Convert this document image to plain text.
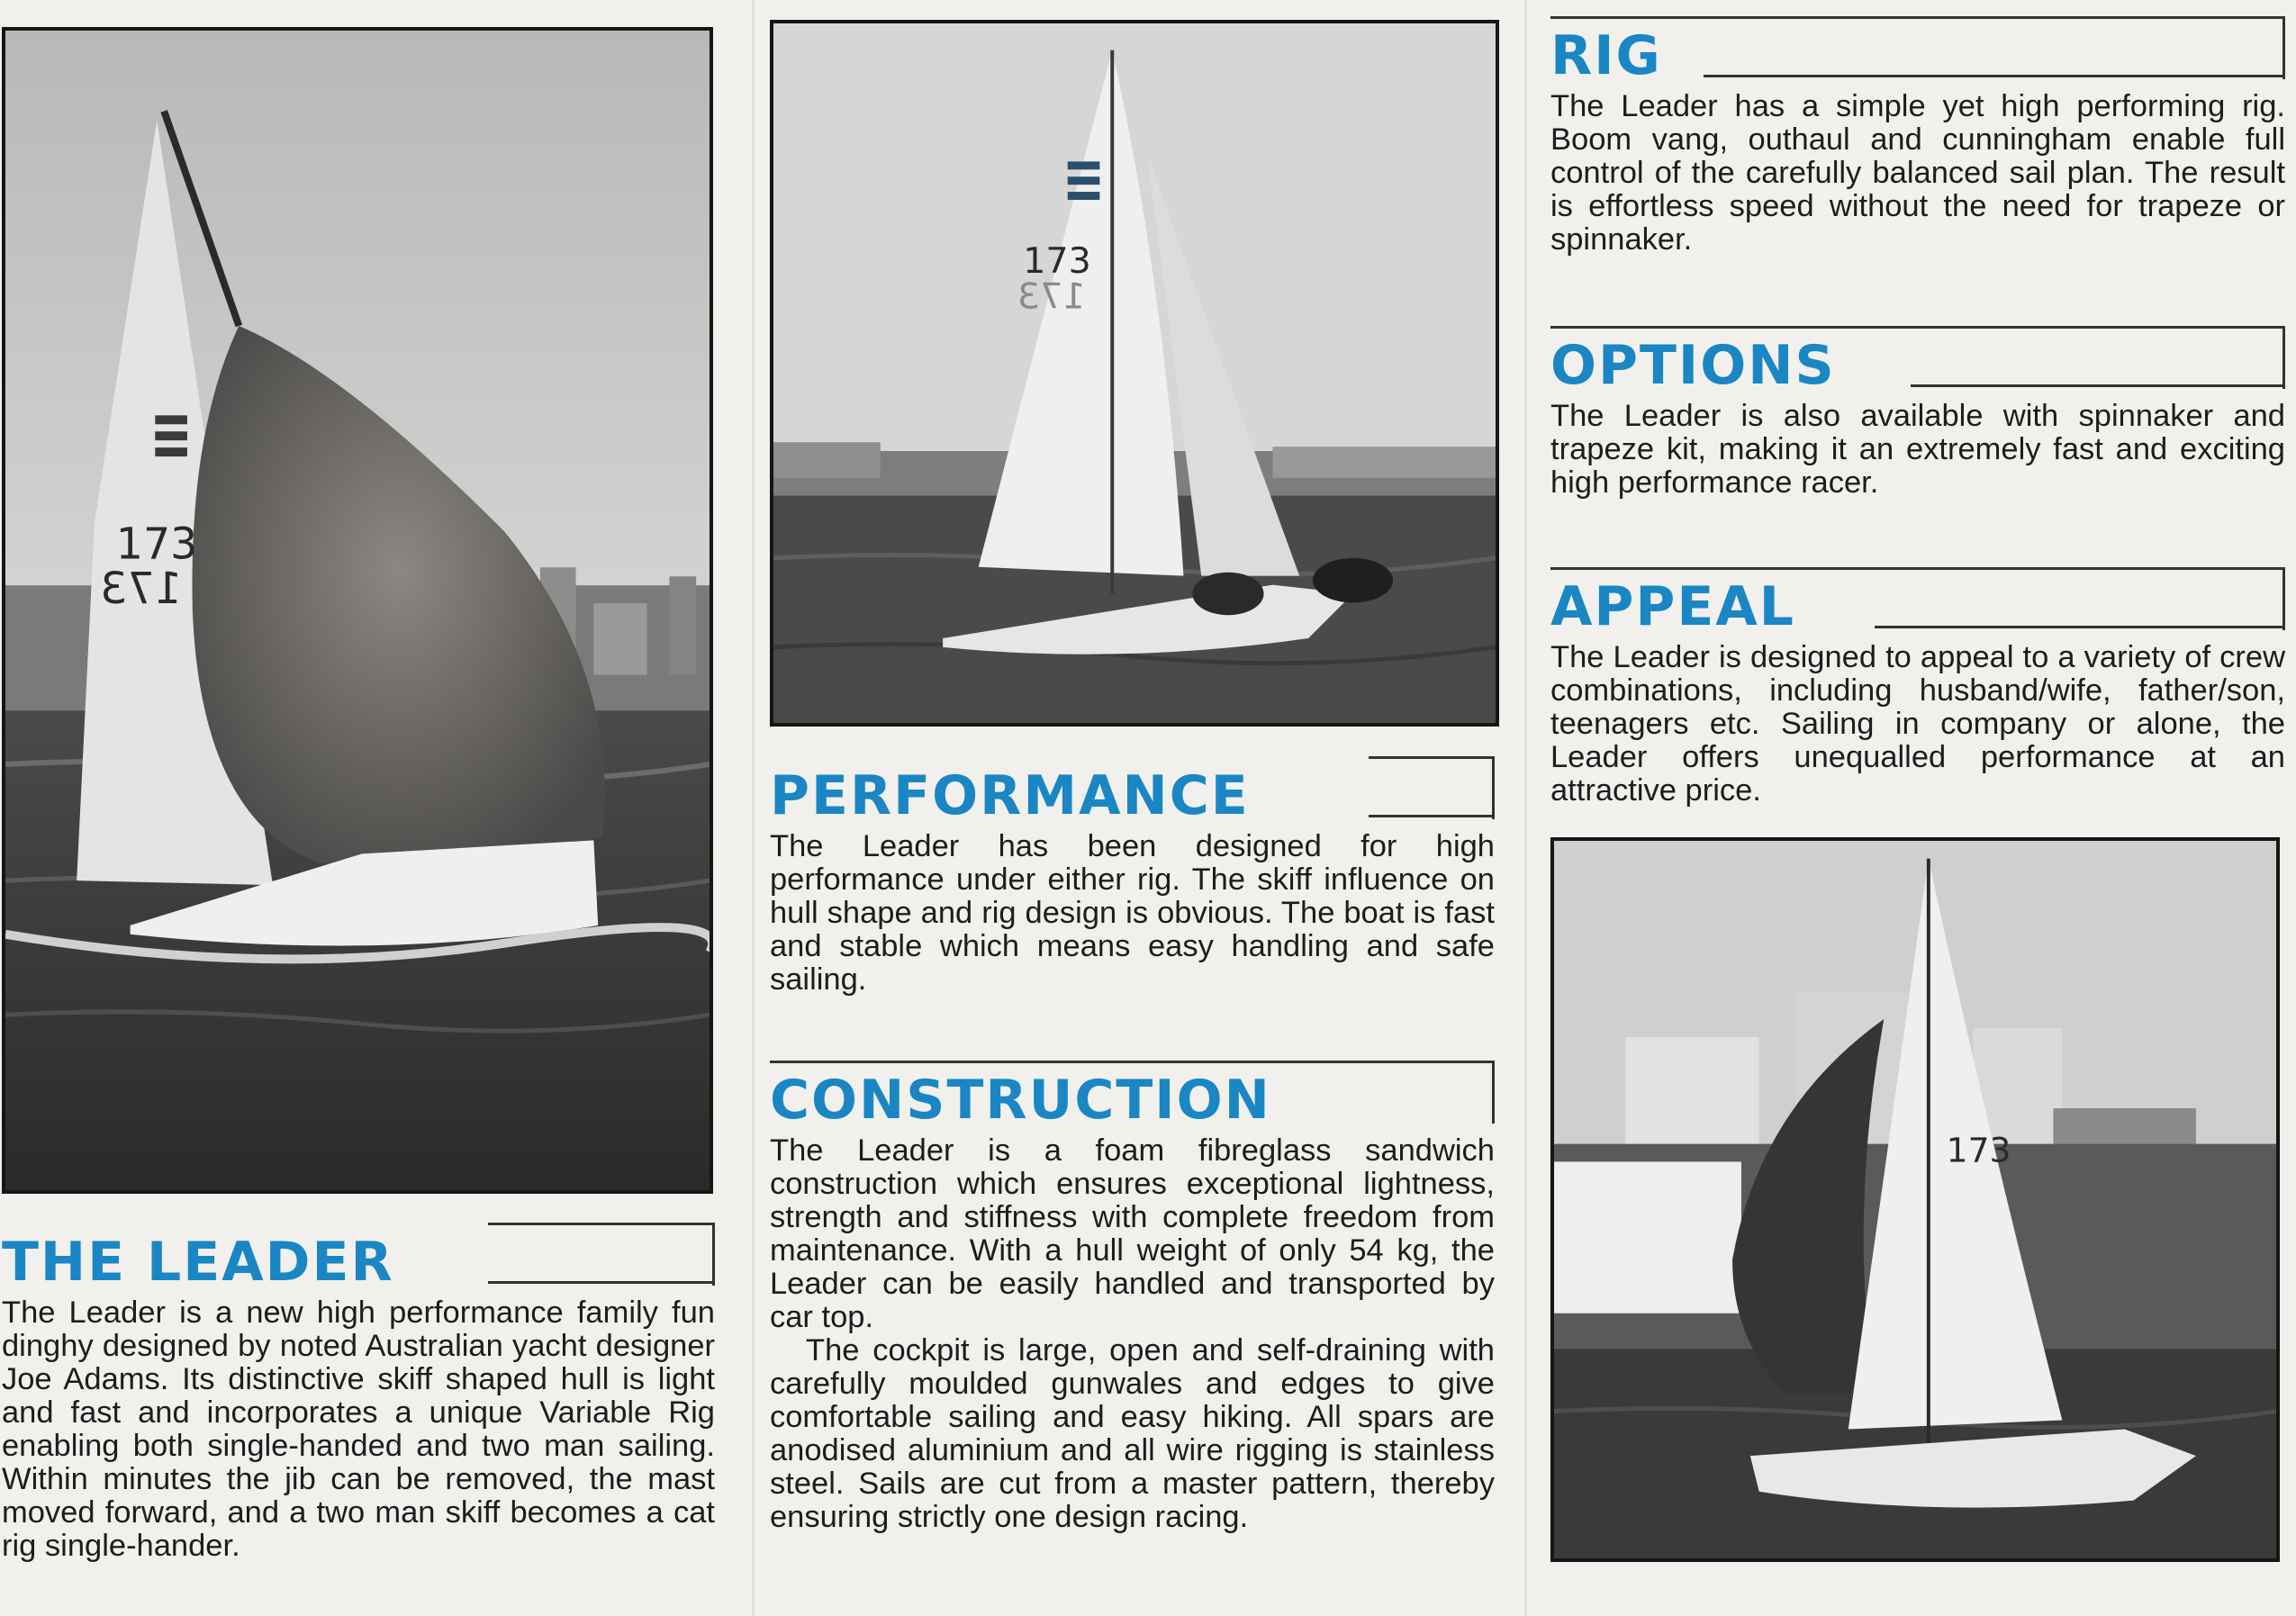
173
173
173
173
173
THE LEADER

The Leader is a new high performance family fun dinghy designed by noted Australian yacht designer Joe Adams. Its distinctive skiff shaped hull is light and fast and incorporates a unique Variable Rig enabling both single-handed and two man sailing. Within minutes the jib can be removed, the mast moved forward, and a two man skiff becomes a cat rig single-hander.

PERFORMANCE

The Leader has been designed for high performance under either rig. The skiff influence on hull shape and rig design is obvious. The boat is fast and stable which means easy handling and safe sailing.

CONSTRUCTION

The Leader is a foam fibreglass sandwich construction which ensures exceptional lightness, strength and stiffness with complete freedom from maintenance. With a hull weight of only 54 kg, the Leader can be easily handled and transported by car top.

The cockpit is large, open and self-draining with carefully moulded gunwales and edges to give comfortable sailing and easy hiking. All spars are anodised aluminium and all wire rigging is stainless steel. Sails are cut from a master pattern, thereby ensuring strictly one design racing.

RIG

The Leader has a simple yet high performing rig. Boom vang, outhaul and cunningham enable full control of the carefully balanced sail plan. The result is effortless speed without the need for trapeze or spinnaker.

OPTIONS

The Leader is also available with spinnaker and trapeze kit, making it an extremely fast and exciting high performance racer.

APPEAL

The Leader is designed to appeal to a variety of crew combinations, including husband/wife, father/son, teenagers etc. Sailing in company or alone, the Leader offers unequalled performance at an attractive price.
